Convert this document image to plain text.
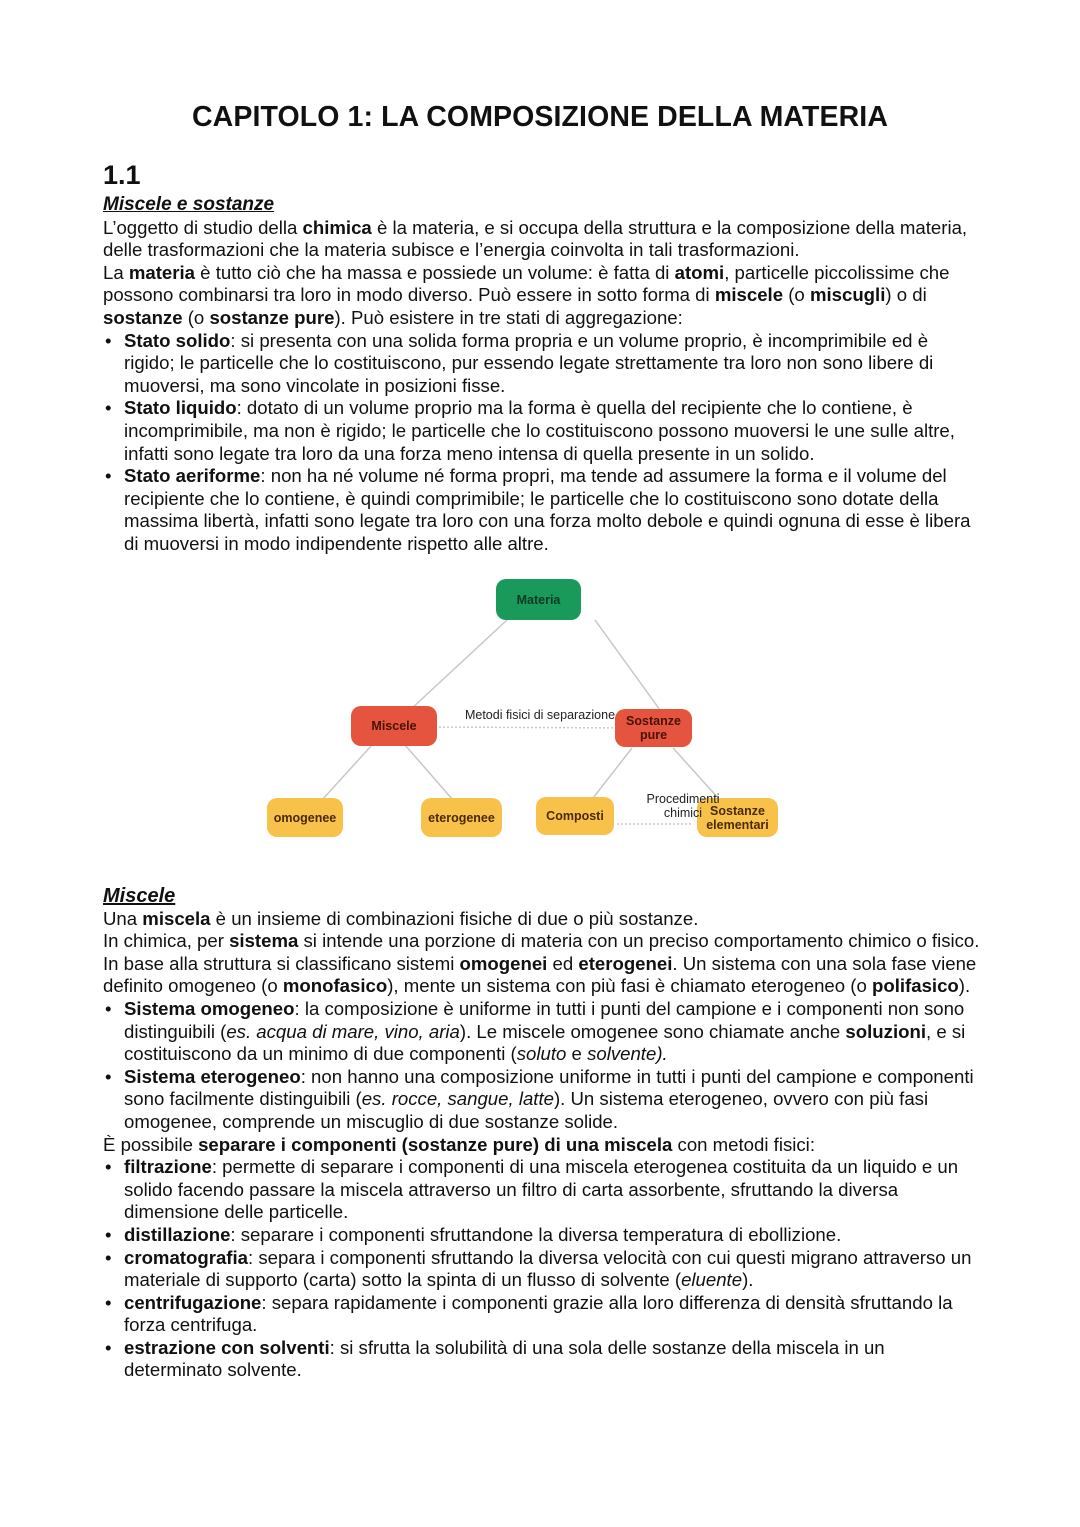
CAPITOLO 1: LA COMPOSIZIONE DELLA MATERIA
1.1

Miscele e sostanze

L’oggetto di studio della chimica è la materia, e si occupa della struttura e la composizione della materia, delle trasformazioni che la materia subisce e l’energia coinvolta in tali trasformazioni.

La materia è tutto ciò che ha massa e possiede un volume: è fatta di atomi, particelle piccolissime che possono combinarsi tra loro in modo diverso. Può essere in sotto forma di miscele (o miscugli) o di sostanze (o sostanze pure). Può esistere in tre stati di aggregazione:

• Stato solido: si presenta con una solida forma propria e un volume proprio, è incomprimibile ed è rigido; le particelle che lo costituiscono, pur essendo legate strettamente tra loro non sono libere di muoversi, ma sono vincolate in posizioni fisse.
• Stato liquido: dotato di un volume proprio ma la forma è quella del recipiente che lo contiene, è incomprimibile, ma non è rigido; le particelle che lo costituiscono possono muoversi le une sulle altre, infatti sono legate tra loro da una forza meno intensa di quella presente in un solido.
• Stato aeriforme: non ha né volume né forma propri, ma tende ad assumere la forma e il volume del recipiente che lo contiene, è quindi comprimibile; le particelle che lo costituiscono sono dotate della massima libertà, infatti sono legate tra loro con una forza molto debole e quindi ognuna di esse è libera di muoversi in modo indipendente rispetto alle altre.
Materia
Miscele	Sostanze pure
omogenee	eterogenee	Composti	Sostanze elementari
Metodi fisici di separazione
Procedimenti chimici

Miscele

Una miscela è un insieme di combinazioni fisiche di due o più sostanze.

In chimica, per sistema si intende una porzione di materia con un preciso comportamento chimico o fisico. In base alla struttura si classificano sistemi omogenei ed eterogenei. Un sistema con una sola fase viene definito omogeneo (o monofasico), mente un sistema con più fasi è chiamato eterogeneo (o polifasico).

• Sistema omogeneo: la composizione è uniforme in tutti i punti del campione e i componenti non sono distinguibili (es. acqua di mare, vino, aria). Le miscele omogenee sono chiamate anche soluzioni, e si costituiscono da un minimo di due componenti (soluto e solvente).
• Sistema eterogeneo: non hanno una composizione uniforme in tutti i punti del campione e componenti sono facilmente distinguibili (es. rocce, sangue, latte). Un sistema eterogeneo, ovvero con più fasi omogenee, comprende un miscuglio di due sostanze solide.
È possibile separare i componenti (sostanze pure) di una miscela con metodi fisici:
• filtrazione: permette di separare i componenti di una miscela eterogenea costituita da un liquido e un solido facendo passare la miscela attraverso un filtro di carta assorbente, sfruttando la diversa dimensione delle particelle.
• distillazione: separare i componenti sfruttandone la diversa temperatura di ebollizione.
• cromatografia: separa i componenti sfruttando la diversa velocità con cui questi migrano attraverso un materiale di supporto (carta) sotto la spinta di un flusso di solvente (eluente).
• centrifugazione: separa rapidamente i componenti grazie alla loro differenza di densità sfruttando la forza centrifuga.
• estrazione con solventi: si sfrutta la solubilità di una sola delle sostanze della miscela in un determinato solvente.
